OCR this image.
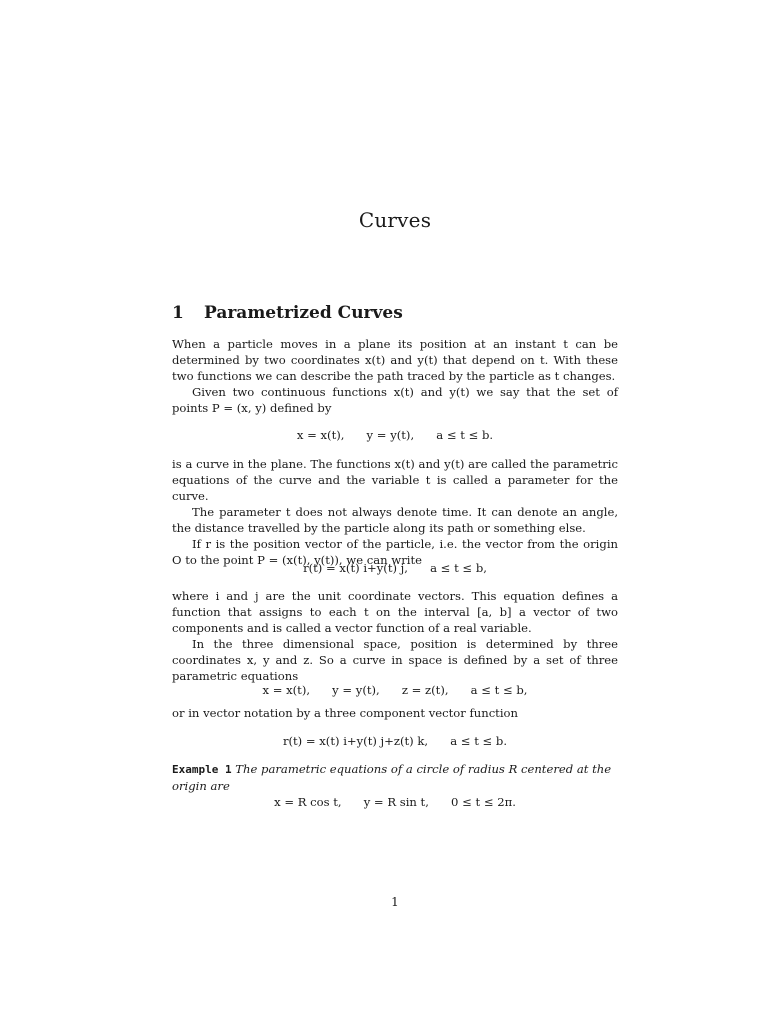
Curves
1 Parametrized Curves

When a particle moves in a plane its position at an instant t can be determined by two coordinates x(t) and y(t) that depend on t. With these two functions we can describe the path traced by the particle as t changes.

Given two continuous functions x(t) and y(t) we say that the set of points P = (x, y) defined by

x = x(t),      y = y(t),      a ≤ t ≤ b.

is a curve in the plane. The functions x(t) and y(t) are called the parametric equations of the curve and the variable t is called a parameter for the curve.

The parameter t does not always denote time. It can denote an angle, the distance travelled by the particle along its path or something else.

If r is the position vector of the particle, i.e. the vector from the origin O to the point P = (x(t), y(t)), we can write

r(t) = x(t) i+y(t) j,      a ≤ t ≤ b,

where i and j are the unit coordinate vectors. This equation defines a function that assigns to each t on the interval [a, b] a vector of two components and is called a vector function of a real variable.

In the three dimensional space, position is determined by three coordinates x, y and z. So a curve in space is defined by a set of three parametric equations

x = x(t),      y = y(t),      z = z(t),      a ≤ t ≤ b,

or in vector notation by a three component vector function

r(t) = x(t) i+y(t) j+z(t) k,      a ≤ t ≤ b.
Example 1 The parametric equations of a circle of radius R centered at the origin are
x = R cos t,      y = R sin t,      0 ≤ t ≤ 2π.
1
